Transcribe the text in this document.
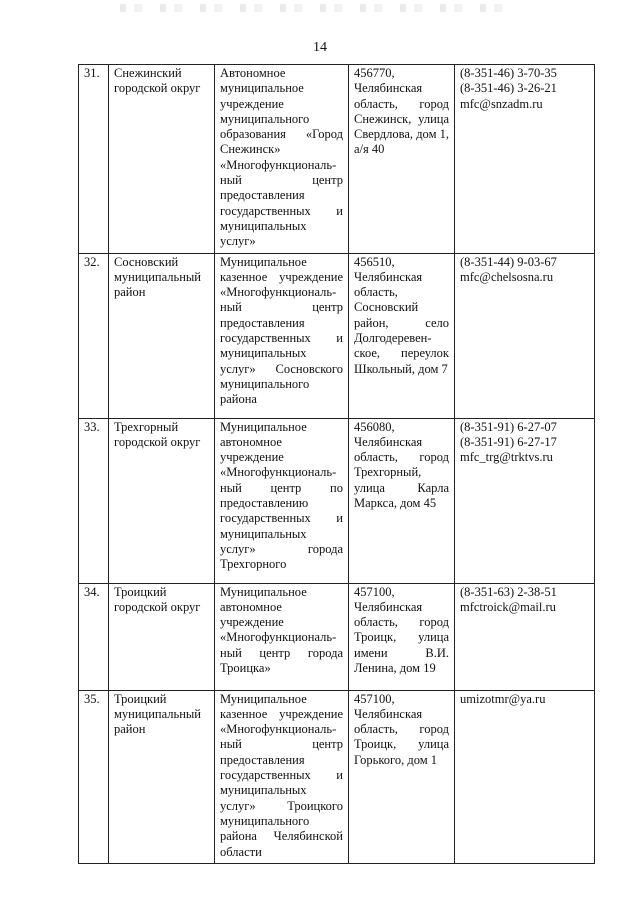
14
31.	Снежинский городской округ	Автономное муниципальное учреждение муниципального образования «Город Снежинск» «Многофункциональ-ный центр предоставления государственных и муниципальных услуг»	456770, Челябинская область, город Снежинск, улица Свердлова, дом 1, а/я 40	(8-351-46) 3-70-35
(8-351-46) 3-26-21
mfc@snzadm.ru

32.	Сосновский муниципальный район	Муниципальное казенное учреждение «Многофункциональ-ный центр предоставления государственных и муниципальных услуг» Сосновского муниципального района	456510, Челябинская область, Сосновский район, село Долгодеревен-ское, переулок Школьный, дом 7	(8-351-44) 9-03-67
mfc@chelsosna.ru

33.	Трехгорный городской округ	Муниципальное автономное учреждение «Многофункциональ-ный центр по предоставлению государственных и муниципальных услуг» города Трехгорного	456080, Челябинская область, город Трехгорный, улица Карла Маркса, дом 45	(8-351-91) 6-27-07
(8-351-91) 6-27-17
mfc_trg@trktvs.ru

34.	Троицкий городской округ	Муниципальное автономное учреждение «Многофункциональ-ный центр города Троицка»	457100, Челябинская область, город Троицк, улица имени В.И. Ленина, дом 19	(8-351-63) 2-38-51
mfctroick@mail.ru

35.	Троицкий муниципальный район	Муниципальное казенное учреждение «Многофункциональ-ный центр предоставления государственных и муниципальных услуг» Троицкого муниципального района Челябинской области	457100, Челябинская область, город Троицк, улица Горького, дом 1	umizotmr@ya.ru
